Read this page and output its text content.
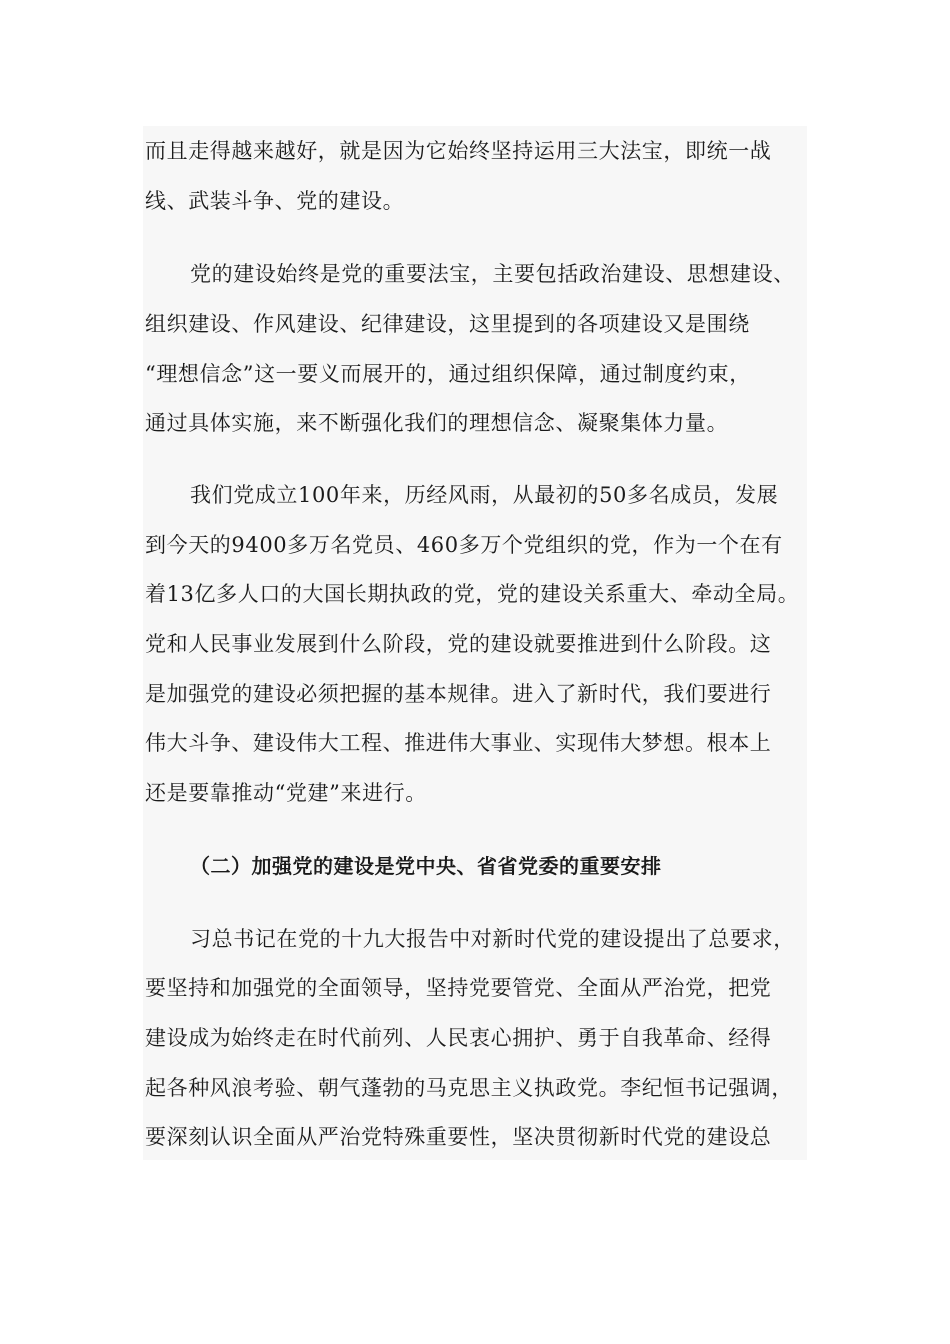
而且走得越来越好，就是因为它始终坚持运用三大法宝，即统一战
线、武装斗争、党的建设。
党的建设始终是党的重要法宝，主要包括政治建设、思想建设、
组织建设、作风建设、纪律建设，这里提到的各项建设又是围绕
“理想信念”这一要义而展开的，通过组织保障，通过制度约束，
通过具体实施，来不断强化我们的理想信念、凝聚集体力量。
我们党成立100年来，历经风雨，从最初的50多名成员，发展
到今天的9400多万名党员、460多万个党组织的党，作为一个在有
着13亿多人口的大国长期执政的党，党的建设关系重大、牵动全局。
党和人民事业发展到什么阶段，党的建设就要推进到什么阶段。这
是加强党的建设必须把握的基本规律。进入了新时代，我们要进行
伟大斗争、建设伟大工程、推进伟大事业、实现伟大梦想。根本上
还是要靠推动“党建”来进行。
（二）加强党的建设是党中央、省省党委的重要安排
习总书记在党的十九大报告中对新时代党的建设提出了总要求，
要坚持和加强党的全面领导，坚持党要管党、全面从严治党，把党
建设成为始终走在时代前列、人民衷心拥护、勇于自我革命、经得
起各种风浪考验、朝气蓬勃的马克思主义执政党。李纪恒书记强调，
要深刻认识全面从严治党特殊重要性，坚决贯彻新时代党的建设总
